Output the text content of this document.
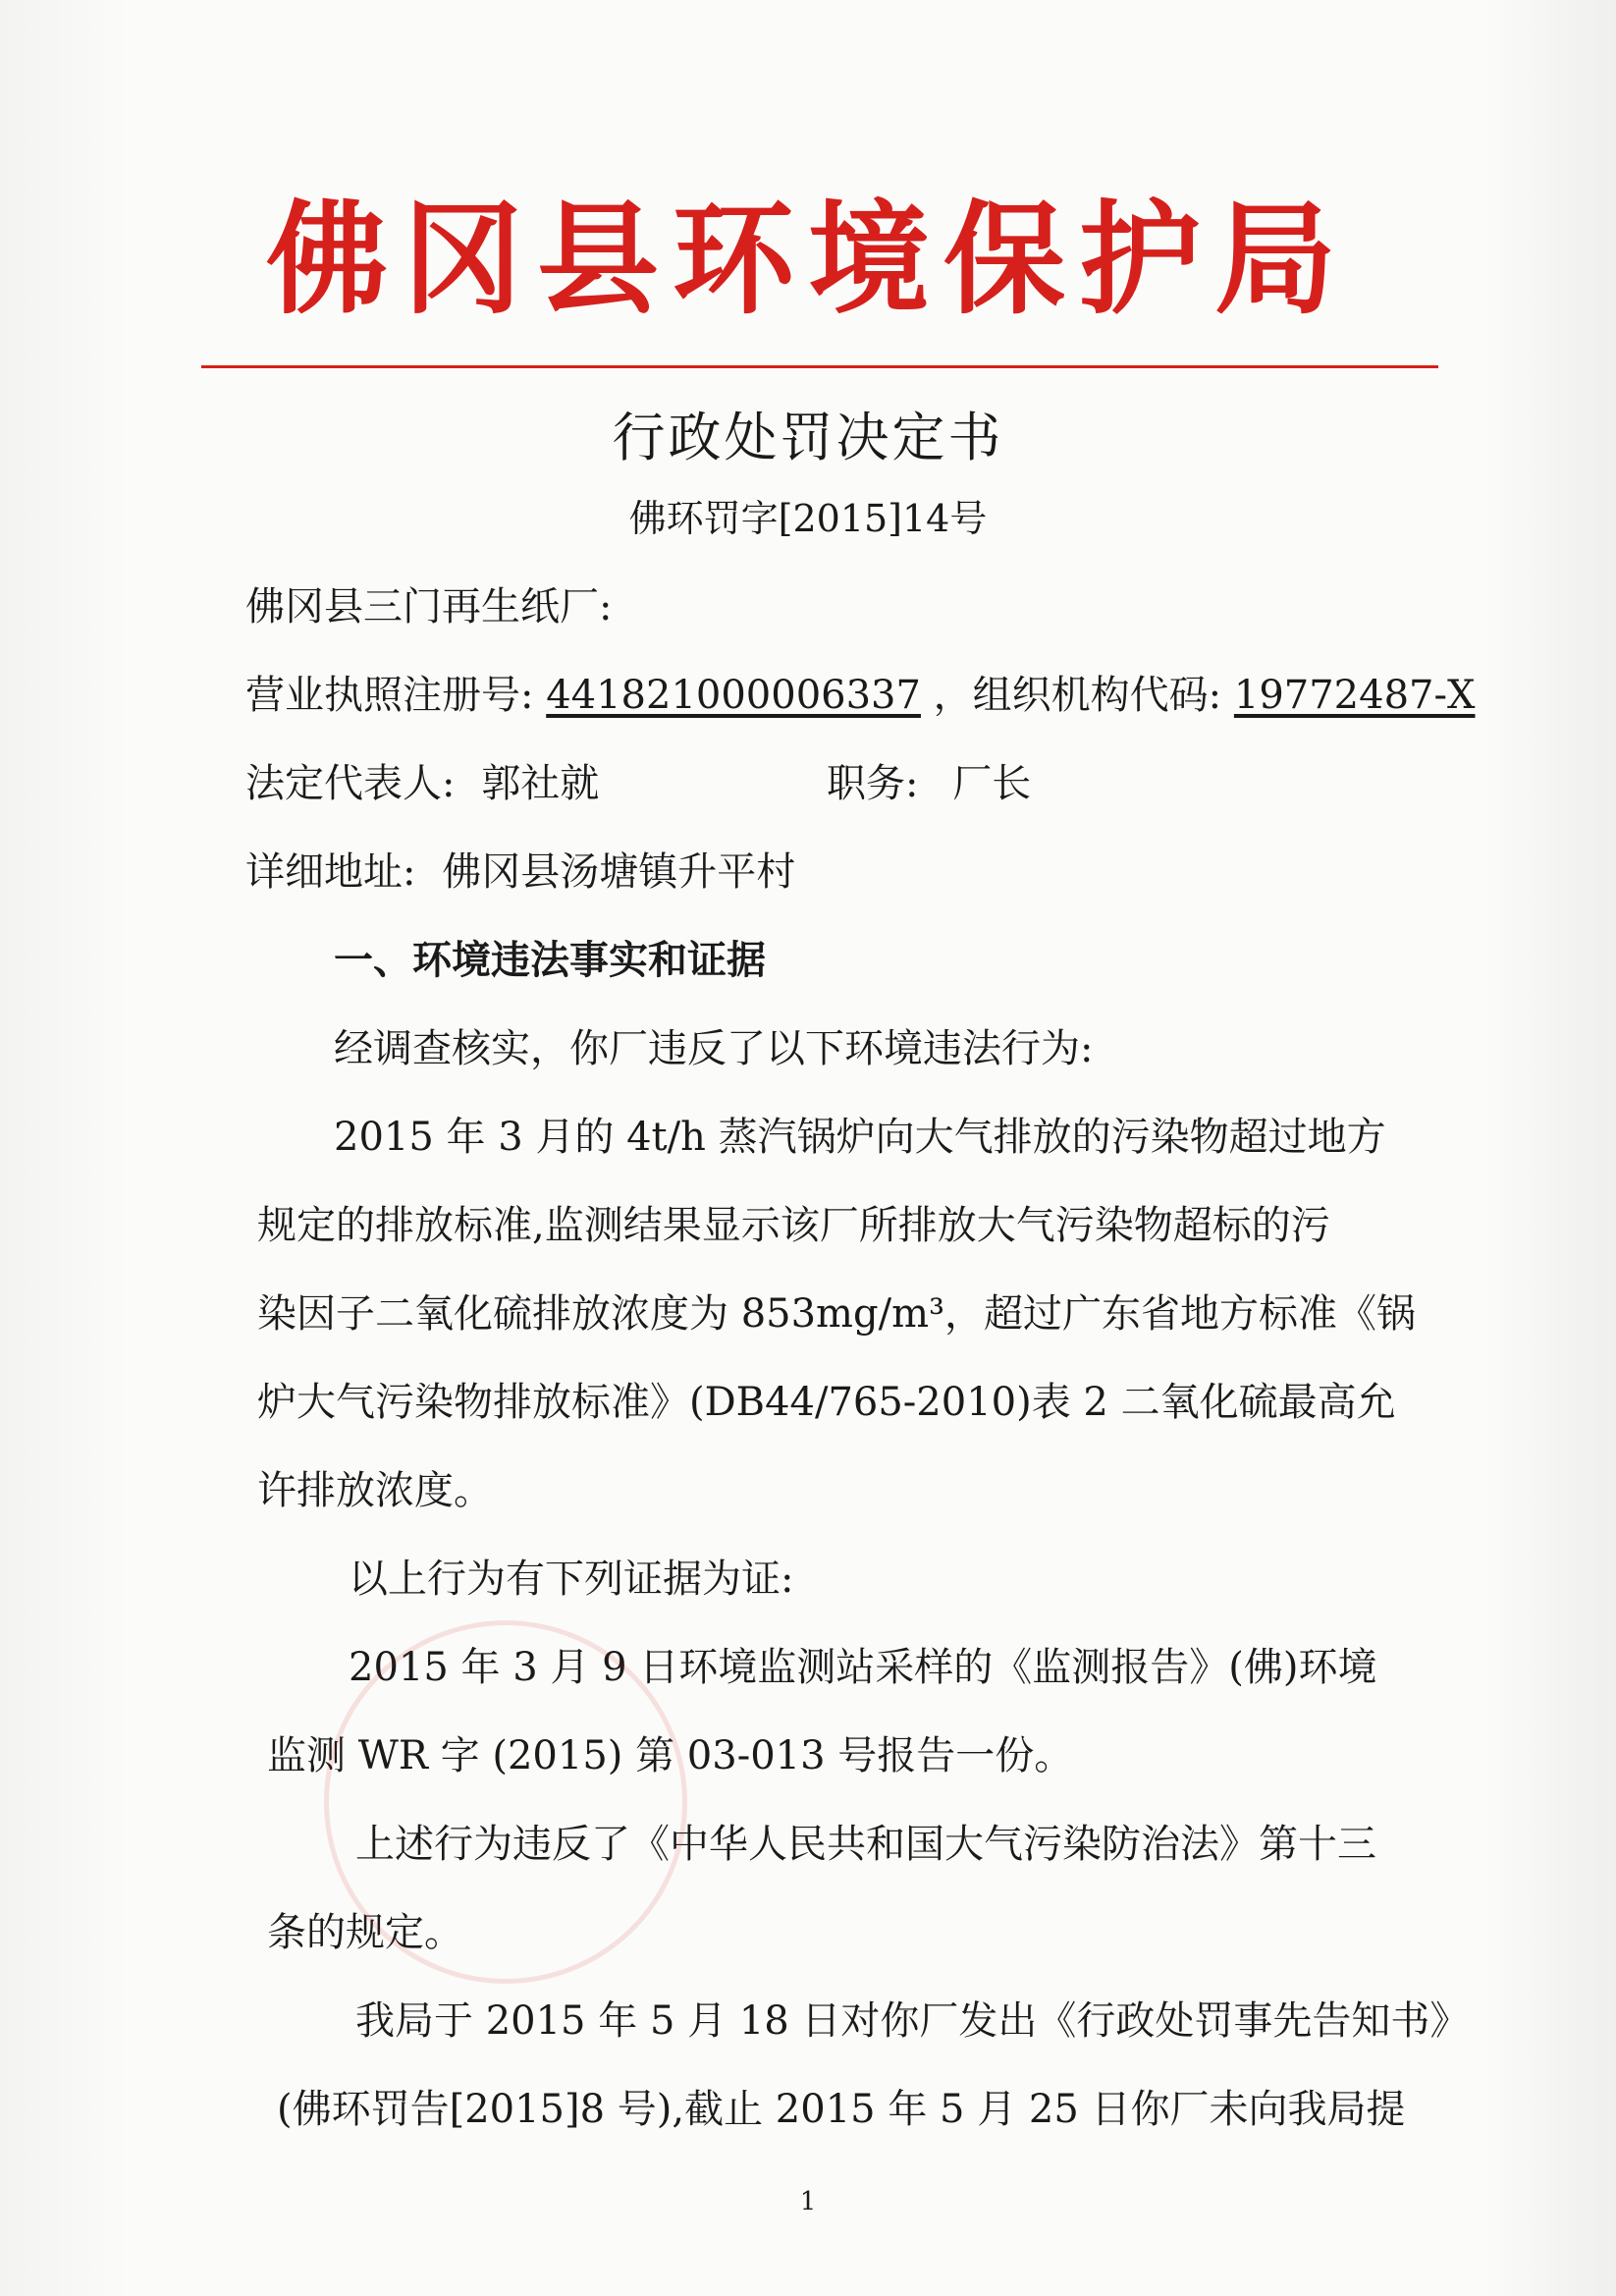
佛冈县环境保护局
行政处罚决定书
佛环罚字[2015]14号
佛冈县三门再生纸厂:
营业执照注册号: 441821000006337 ，组织机构代码: 19772487-X
法定代表人: 郭社就	职务: 厂长
详细地址: 佛冈县汤塘镇升平村
一、环境违法事实和证据
经调查核实，你厂违反了以下环境违法行为:
2015 年 3 月的 4t/h 蒸汽锅炉向大气排放的污染物超过地方
规定的排放标准,监测结果显示该厂所排放大气污染物超标的污
染因子二氧化硫排放浓度为 853mg/m³，超过广东省地方标准《锅
炉大气污染物排放标准》(DB44/765-2010)表 2 二氧化硫最高允
许排放浓度。
以上行为有下列证据为证:
2015 年 3 月 9 日环境监测站采样的《监测报告》(佛)环境
监测 WR 字 (2015) 第 03-013 号报告一份。
上述行为违反了《中华人民共和国大气污染防治法》第十三
条的规定。
我局于 2015 年 5 月 18 日对你厂发出《行政处罚事先告知书》
(佛环罚告[2015]8 号),截止 2015 年 5 月 25 日你厂未向我局提
1
